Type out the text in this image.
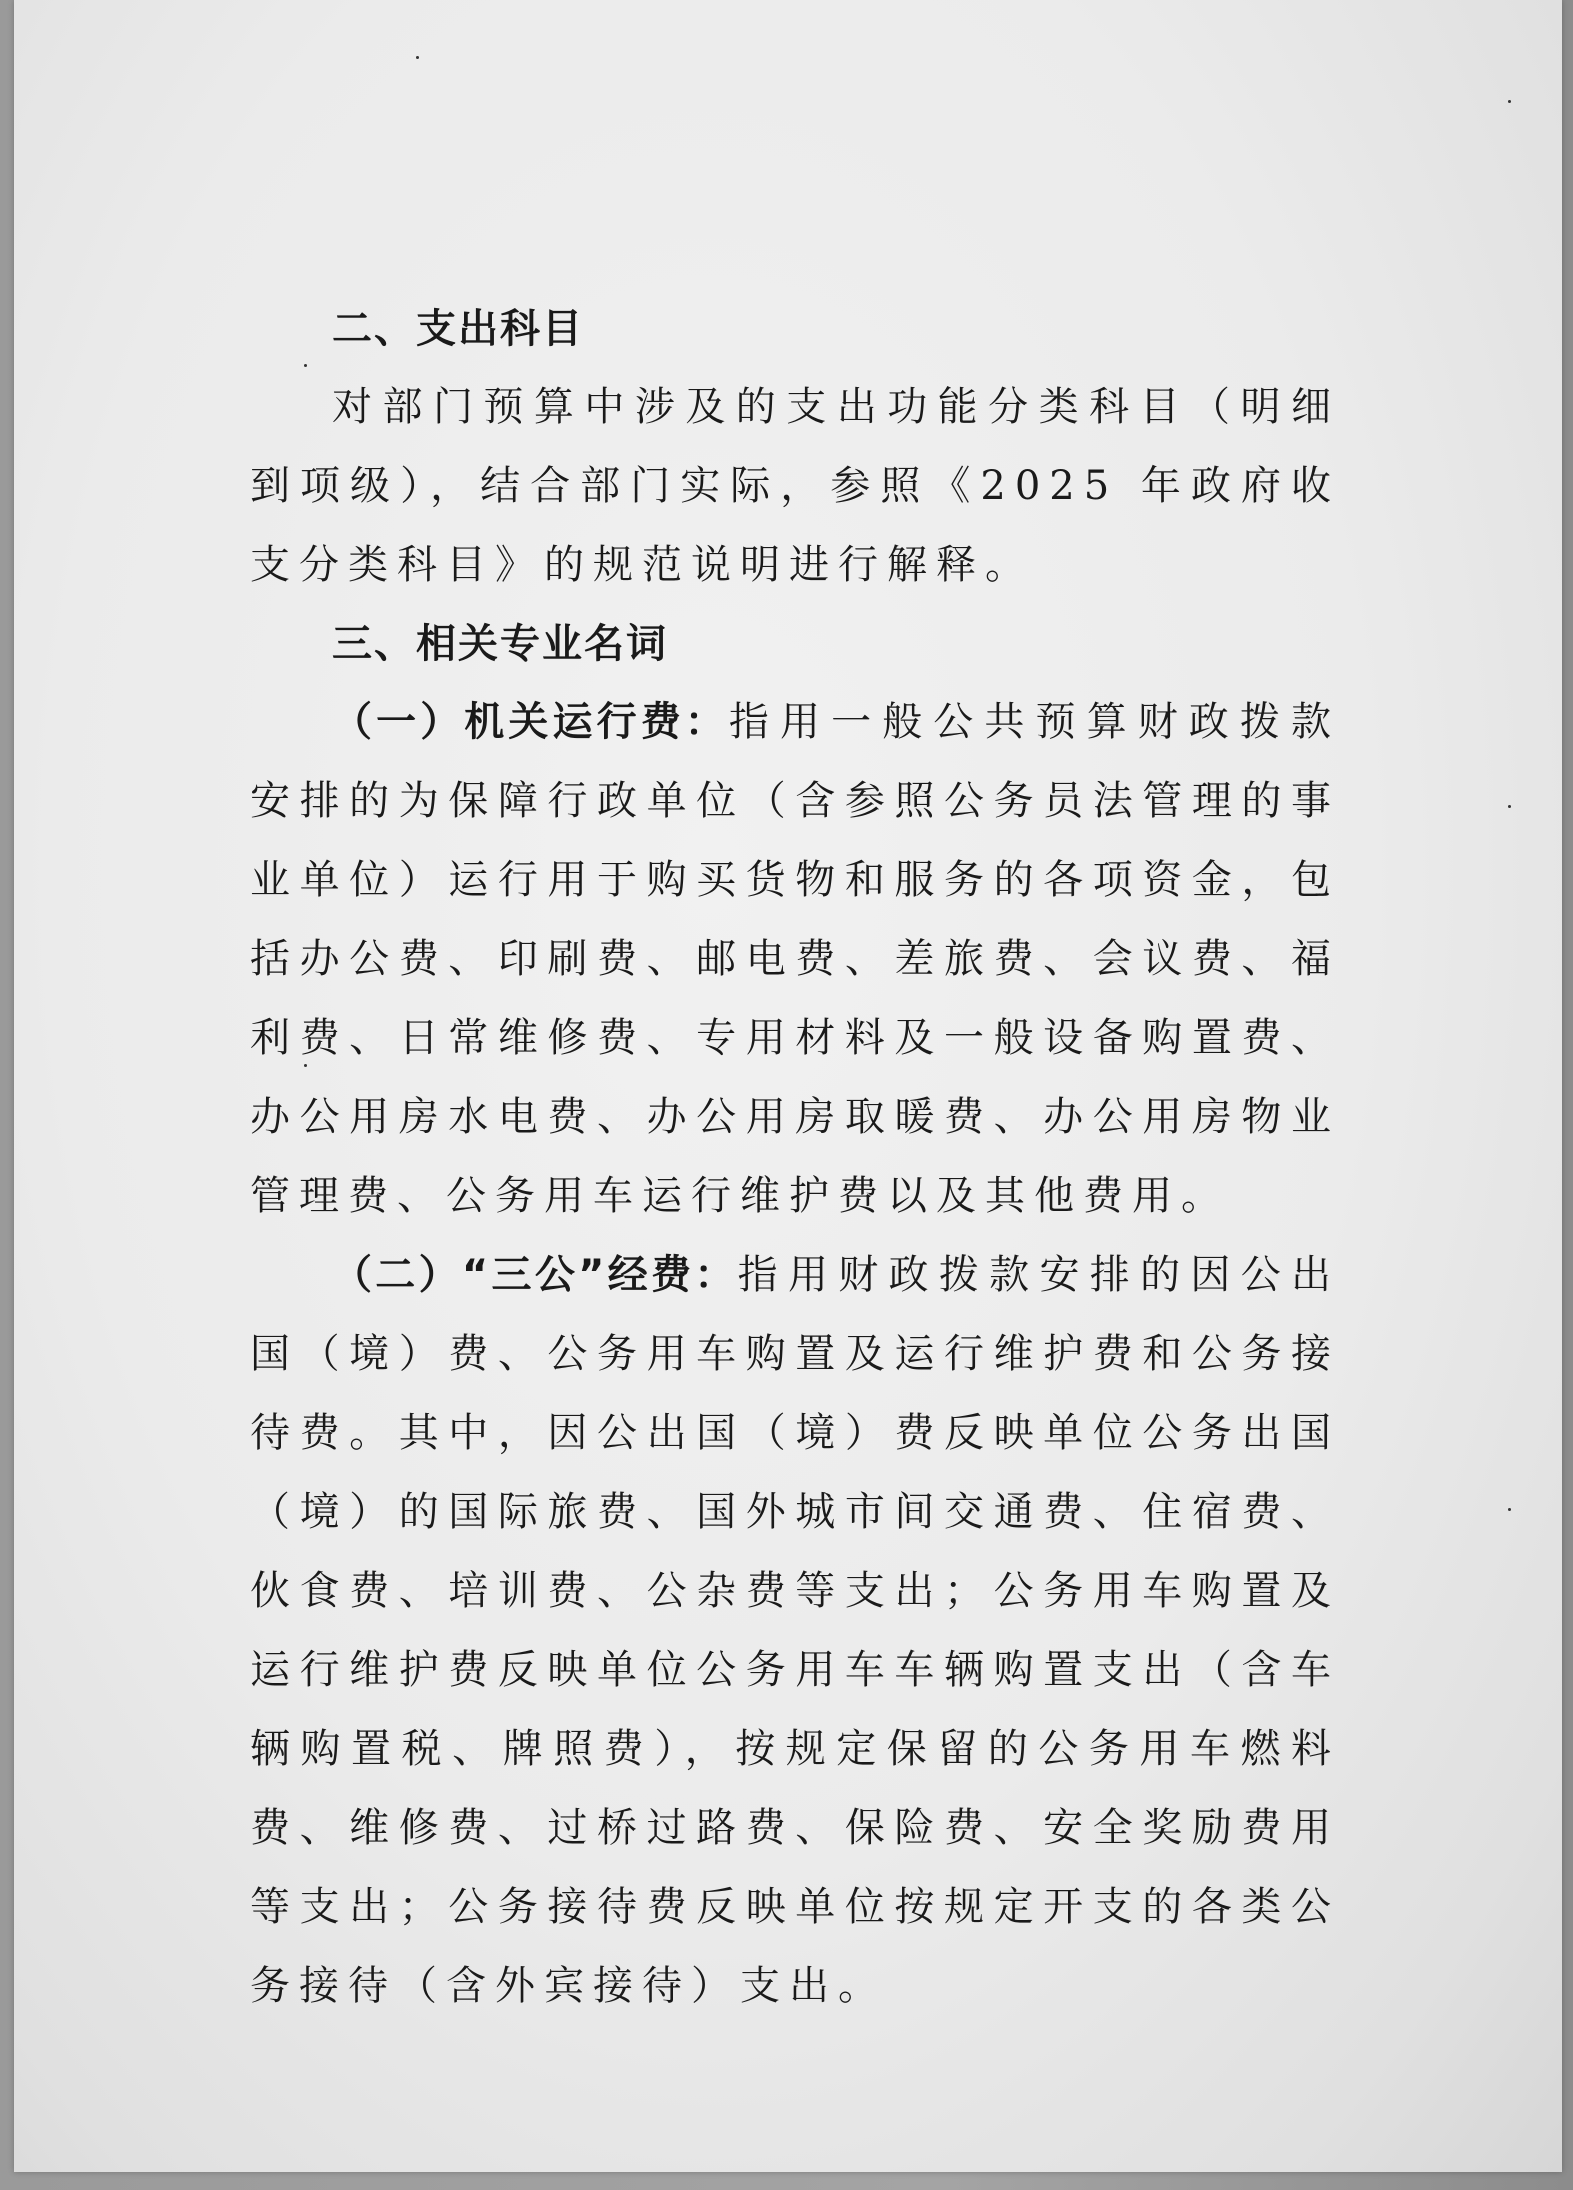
二、支出科目

对部门预算中涉及的支出功能分类科目（明细到项级），结合部门实际，参照《2025 年政府收支分类科目》的规范说明进行解释。

三、相关专业名词

（一）机关运行费：指用一般公共预算财政拨款安排的为保障行政单位（含参照公务员法管理的事业单位）运行用于购买货物和服务的各项资金，包括办公费、印刷费、邮电费、差旅费、会议费、福利费、日常维修费、专用材料及一般设备购置费、办公用房水电费、办公用房取暖费、办公用房物业管理费、公务用车运行维护费以及其他费用。

（二）“三公”经费：指用财政拨款安排的因公出国（境）费、公务用车购置及运行维护费和公务接待费。其中，因公出国（境）费反映单位公务出国（境）的国际旅费、国外城市间交通费、住宿费、伙食费、培训费、公杂费等支出；公务用车购置及运行维护费反映单位公务用车车辆购置支出（含车辆购置税、牌照费），按规定保留的公务用车燃料费、维修费、过桥过路费、保险费、安全奖励费用等支出；公务接待费反映单位按规定开支的各类公务接待（含外宾接待）支出。
